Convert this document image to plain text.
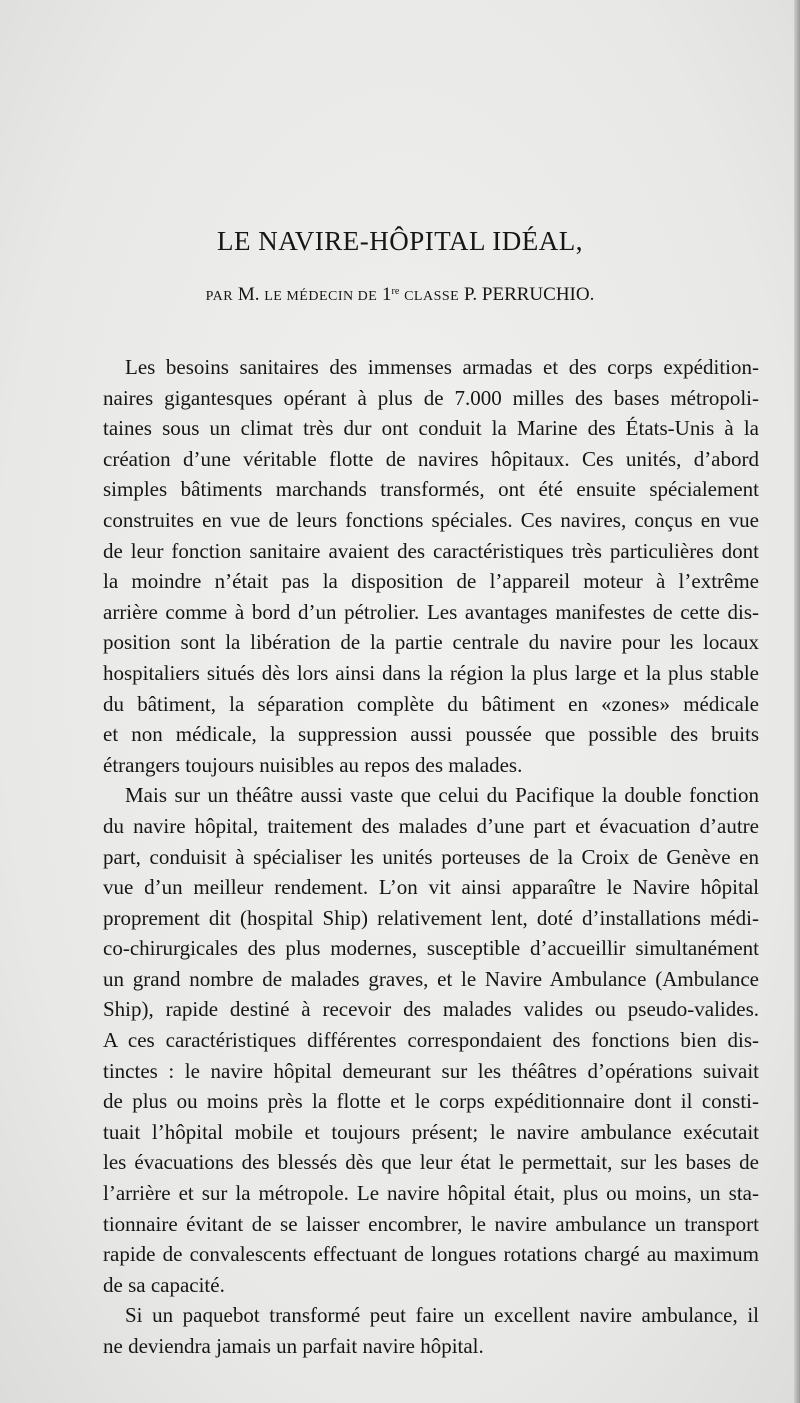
LE NAVIRE-HÔPITAL IDÉAL,

PAR M. LE MÉDECIN DE 1re CLASSE P. PERRUCHIO.

Les besoins sanitaires des immenses armadas et des corps expédition-
naires gigantesques opérant à plus de 7.000 milles des bases métropoli-
taines sous un climat très dur ont conduit la Marine des États-Unis à la
création d’une véritable flotte de navires hôpitaux. Ces unités, d’abord
simples bâtiments marchands transformés, ont été ensuite spécialement
construites en vue de leurs fonctions spéciales. Ces navires, conçus en vue
de leur fonction sanitaire avaient des caractéristiques très particulières dont
la moindre n’était pas la disposition de l’appareil moteur à l’extrême
arrière comme à bord d’un pétrolier. Les avantages manifestes de cette dis-
position sont la libération de la partie centrale du navire pour les locaux
hospitaliers situés dès lors ainsi dans la région la plus large et la plus stable
du bâtiment, la séparation complète du bâtiment en «zones» médicale
et non médicale, la suppression aussi poussée que possible des bruits
étrangers toujours nuisibles au repos des malades.
Mais sur un théâtre aussi vaste que celui du Pacifique la double fonction
du navire hôpital, traitement des malades d’une part et évacuation d’autre
part, conduisit à spécialiser les unités porteuses de la Croix de Genève en
vue d’un meilleur rendement. L’on vit ainsi apparaître le Navire hôpital
proprement dit (hospital Ship) relativement lent, doté d’installations médi-
co-chirurgicales des plus modernes, susceptible d’accueillir simultanément
un grand nombre de malades graves, et le Navire Ambulance (Ambulance
Ship), rapide destiné à recevoir des malades valides ou pseudo-valides.
A ces caractéristiques différentes correspondaient des fonctions bien dis-
tinctes : le navire hôpital demeurant sur les théâtres d’opérations suivait
de plus ou moins près la flotte et le corps expéditionnaire dont il consti-
tuait l’hôpital mobile et toujours présent; le navire ambulance exécutait
les évacuations des blessés dès que leur état le permettait, sur les bases de
l’arrière et sur la métropole. Le navire hôpital était, plus ou moins, un sta-
tionnaire évitant de se laisser encombrer, le navire ambulance un transport
rapide de convalescents effectuant de longues rotations chargé au maximum
de sa capacité.
Si un paquebot transformé peut faire un excellent navire ambulance, il
ne deviendra jamais un parfait navire hôpital.
